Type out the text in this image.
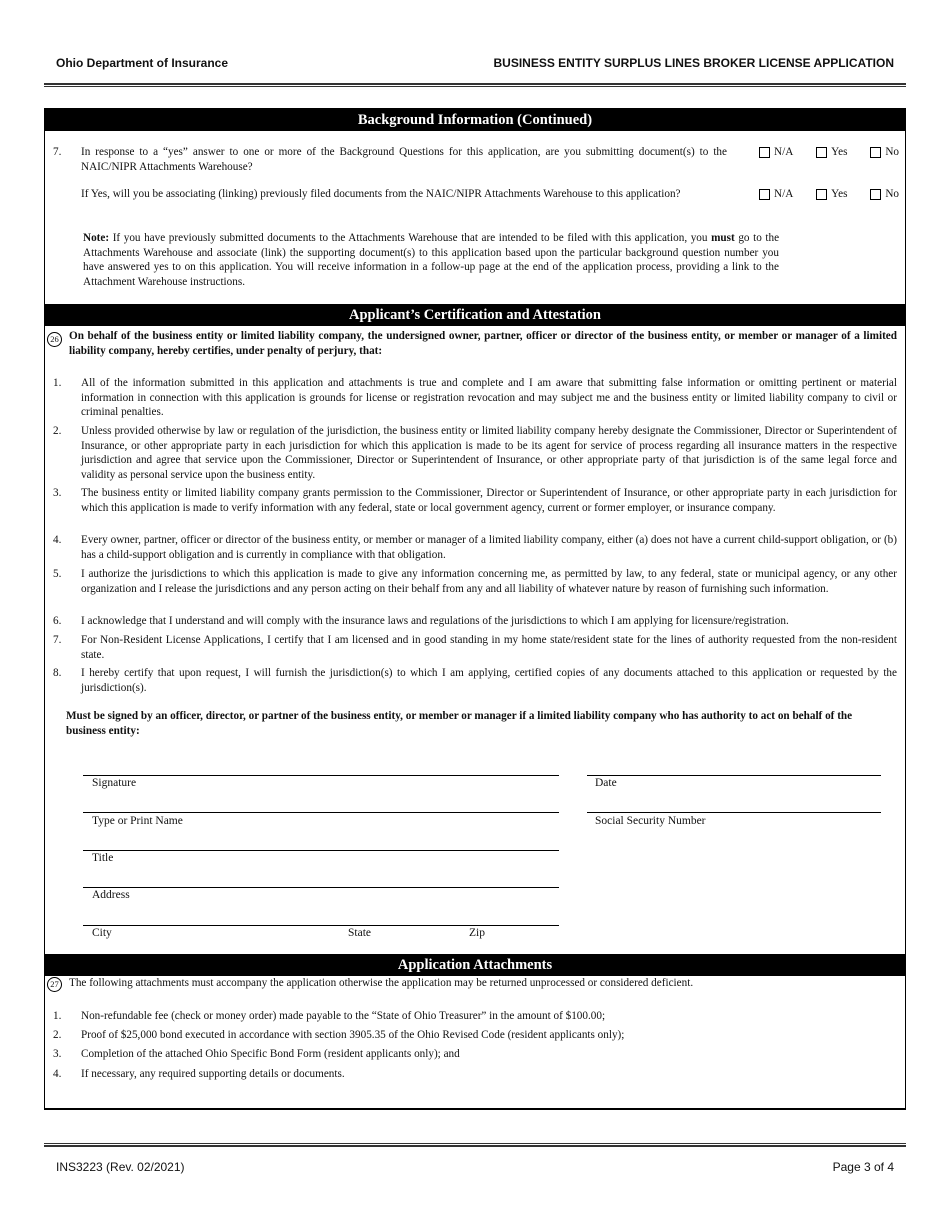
Ohio Department of Insurance	BUSINESS ENTITY SURPLUS LINES BROKER LICENSE APPLICATION
Background Information (Continued)
7. In response to a “yes” answer to one or more of the Background Questions for this application, are you submitting document(s) to the NAIC/NIPR Attachments Warehouse?
N/A	Yes	No
If Yes, will you be associating (linking) previously filed documents from the NAIC/NIPR Attachments Warehouse to this application?	N/A	Yes	No
Note: If you have previously submitted documents to the Attachments Warehouse that are intended to be filed with this application, you must go to the Attachments Warehouse and associate (link) the supporting document(s) to this application based upon the particular background question number you have answered yes to on this application. You will receive information in a follow-up page at the end of the application process, providing a link to the Attachment Warehouse instructions.
Applicant’s Certification and Attestation
26 On behalf of the business entity or limited liability company, the undersigned owner, partner, officer or director of the business entity, or member or manager of a limited liability company, hereby certifies, under penalty of perjury, that:
1. All of the information submitted in this application and attachments is true and complete and I am aware that submitting false information or omitting pertinent or material information in connection with this application is grounds for license or registration revocation and may subject me and the business entity or limited liability company to civil or criminal penalties.
2. Unless provided otherwise by law or regulation of the jurisdiction, the business entity or limited liability company hereby designate the Commissioner, Director or Superintendent of Insurance, or other appropriate party in each jurisdiction for which this application is made to be its agent for service of process regarding all insurance matters in the respective jurisdiction and agree that service upon the Commissioner, Director or Superintendent of Insurance, or other appropriate party of that jurisdiction is of the same legal force and validity as personal service upon the business entity.
3. The business entity or limited liability company grants permission to the Commissioner, Director or Superintendent of Insurance, or other appropriate party in each jurisdiction for which this application is made to verify information with any federal, state or local government agency, current or former employer, or insurance company.
4. Every owner, partner, officer or director of the business entity, or member or manager of a limited liability company, either (a) does not have a current child-support obligation, or (b) has a child-support obligation and is currently in compliance with that obligation.
5. I authorize the jurisdictions to which this application is made to give any information concerning me, as permitted by law, to any federal, state or municipal agency, or any other organization and I release the jurisdictions and any person acting on their behalf from any and all liability of whatever nature by reason of furnishing such information.
6. I acknowledge that I understand and will comply with the insurance laws and regulations of the jurisdictions to which I am applying for licensure/registration.
7. For Non-Resident License Applications, I certify that I am licensed and in good standing in my home state/resident state for the lines of authority requested from the non-resident state.
8. I hereby certify that upon request, I will furnish the jurisdiction(s) to which I am applying, certified copies of any documents attached to this application or requested by the jurisdiction(s).
Must be signed by an officer, director, or partner of the business entity, or member or manager if a limited liability company who has authority to act on behalf of the business entity:
Signature	Date
Type or Print Name	Social Security Number
Title
Address
City	State	Zip
Application Attachments
27 The following attachments must accompany the application otherwise the application may be returned unprocessed or considered deficient.
1. Non-refundable fee (check or money order) made payable to the “State of Ohio Treasurer” in the amount of $100.00;
2. Proof of $25,000 bond executed in accordance with section 3905.35 of the Ohio Revised Code (resident applicants only);
3. Completion of the attached Ohio Specific Bond Form (resident applicants only); and
4. If necessary, any required supporting details or documents.
INS3223 (Rev. 02/2021)	Page 3 of 4
